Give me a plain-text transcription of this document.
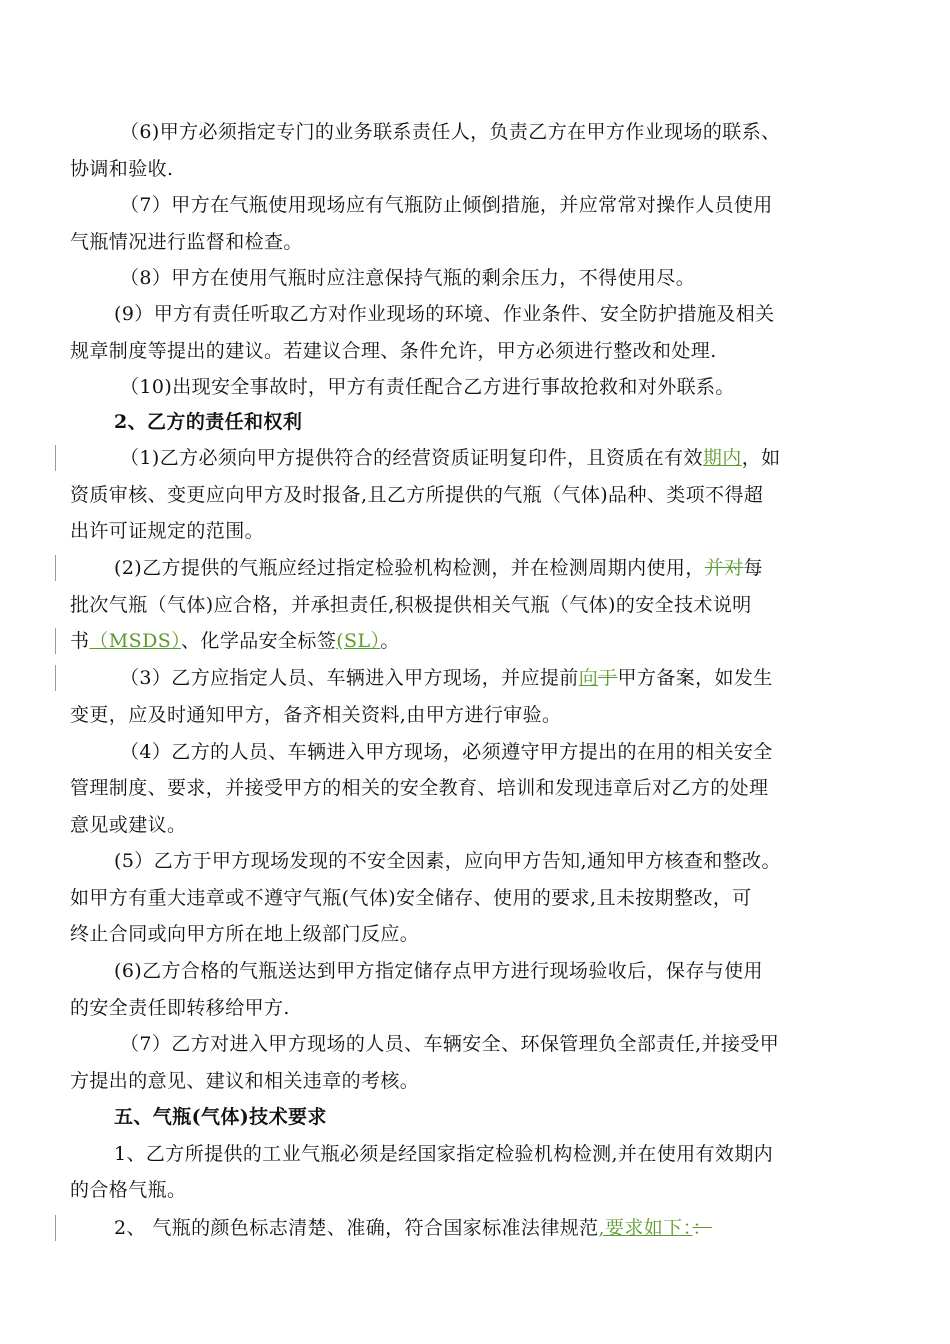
（6)甲方必须指定专门的业务联系责任人，负责乙方在甲方作业现场的联系、
协调和验收.
（7）甲方在气瓶使用现场应有气瓶防止倾倒措施，并应常常对操作人员使用
气瓶情况进行监督和检查。
（8）甲方在使用气瓶时应注意保持气瓶的剩余压力，不得使用尽。
(9）甲方有责任听取乙方对作业现场的环境、作业条件、安全防护措施及相关
规章制度等提出的建议。若建议合理、条件允许，甲方必须进行整改和处理.
（10)出现安全事故时，甲方有责任配合乙方进行事故抢救和对外联系。
2、乙方的责任和权利
（1)乙方必须向甲方提供符合的经营资质证明复印件，且资质在有效期内，如
资质审核、变更应向甲方及时报备,且乙方所提供的气瓶（气体)品种、类项不得超
出许可证规定的范围。
(2)乙方提供的气瓶应经过指定检验机构检测，并在检测周期内使用，并对每
批次气瓶（气体)应合格，并承担责任,积极提供相关气瓶（气体)的安全技术说明
书（MSDS）、化学品安全标签(SL）。
（3）乙方应指定人员、车辆进入甲方现场，并应提前向于甲方备案，如发生
变更，应及时通知甲方，备齐相关资料,由甲方进行审验。
（4）乙方的人员、车辆进入甲方现场，必须遵守甲方提出的在用的相关安全
管理制度、要求，并接受甲方的相关的安全教育、培训和发现违章后对乙方的处理
意见或建议。
(5）乙方于甲方现场发现的不安全因素，应向甲方告知,通知甲方核查和整改。
如甲方有重大违章或不遵守气瓶(气体)安全储存、使用的要求,且未按期整改，可
终止合同或向甲方所在地上级部门反应。
(6)乙方合格的气瓶送达到甲方指定储存点甲方进行现场验收后，保存与使用
的安全责任即转移给甲方.
（7）乙方对进入甲方现场的人员、车辆安全、环保管理负全部责任,并接受甲
方提出的意见、建议和相关违章的考核。
五、气瓶(气体)技术要求
1、乙方所提供的工业气瓶必须是经国家指定检验机构检测,并在使用有效期内
的合格气瓶。
2、 气瓶的颜色标志清楚、准确，符合国家标准法律规范,要求如下：：
